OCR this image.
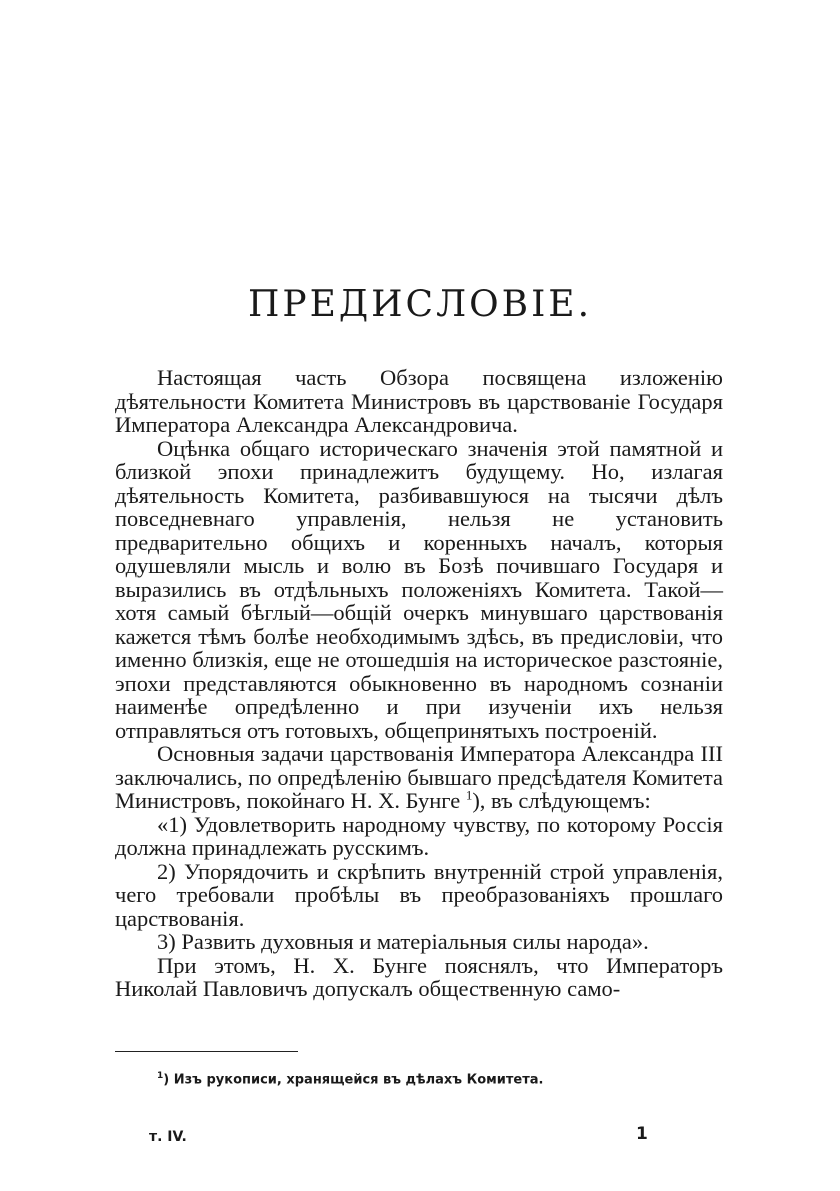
ПРЕДИСЛОВІЕ.

Настоящая часть Обзора посвящена изложенію дѣятельности Комитета Министровъ въ царствованіе Государя Императора Александра Александровича.

Оцѣнка общаго историческаго значенія этой памятной и близкой эпохи принадлежитъ будущему. Но, излагая дѣятельность Комитета, разбивавшуюся на тысячи дѣлъ повседневнаго управленія, нельзя не установить предварительно общихъ и коренныхъ началъ, которыя одушевляли мысль и волю въ Бозѣ почившаго Государя и выразились въ отдѣльныхъ положеніяхъ Комитета. Такой—хотя самый бѣглый—общій очеркъ минувшаго царствованія кажется тѣмъ болѣе необходимымъ здѣсь, въ предисловіи, что именно близкія, еще не отошедшія на историческое разстояніе, эпохи представляются обыкновенно въ народномъ сознаніи наименѣе опредѣленно и при изученіи ихъ нельзя отправляться отъ готовыхъ, общепринятыхъ построеній.

Основныя задачи царствованія Императора Александра III заключались, по опредѣленію бывшаго предсѣдателя Комитета Министровъ, покойнаго Н. Х. Бунге $^1$), въ слѣдующемъ:

«1) Удовлетворить народному чувству, по которому Россія должна принадлежать русскимъ.

2) Упорядочить и скрѣпить внутренній строй управленія, чего требовали пробѣлы въ преобразованіяхъ прошлаго царствованія.

3) Развить духовныя и матеріальныя силы народа».

При этомъ, Н. Х. Бунге пояснялъ, что Императоръ Николай Павловичъ допускалъ общественную само-

$^1$) Изъ рукописи, хранящейся въ дѣлахъ Комитета.
т. IV.	1
